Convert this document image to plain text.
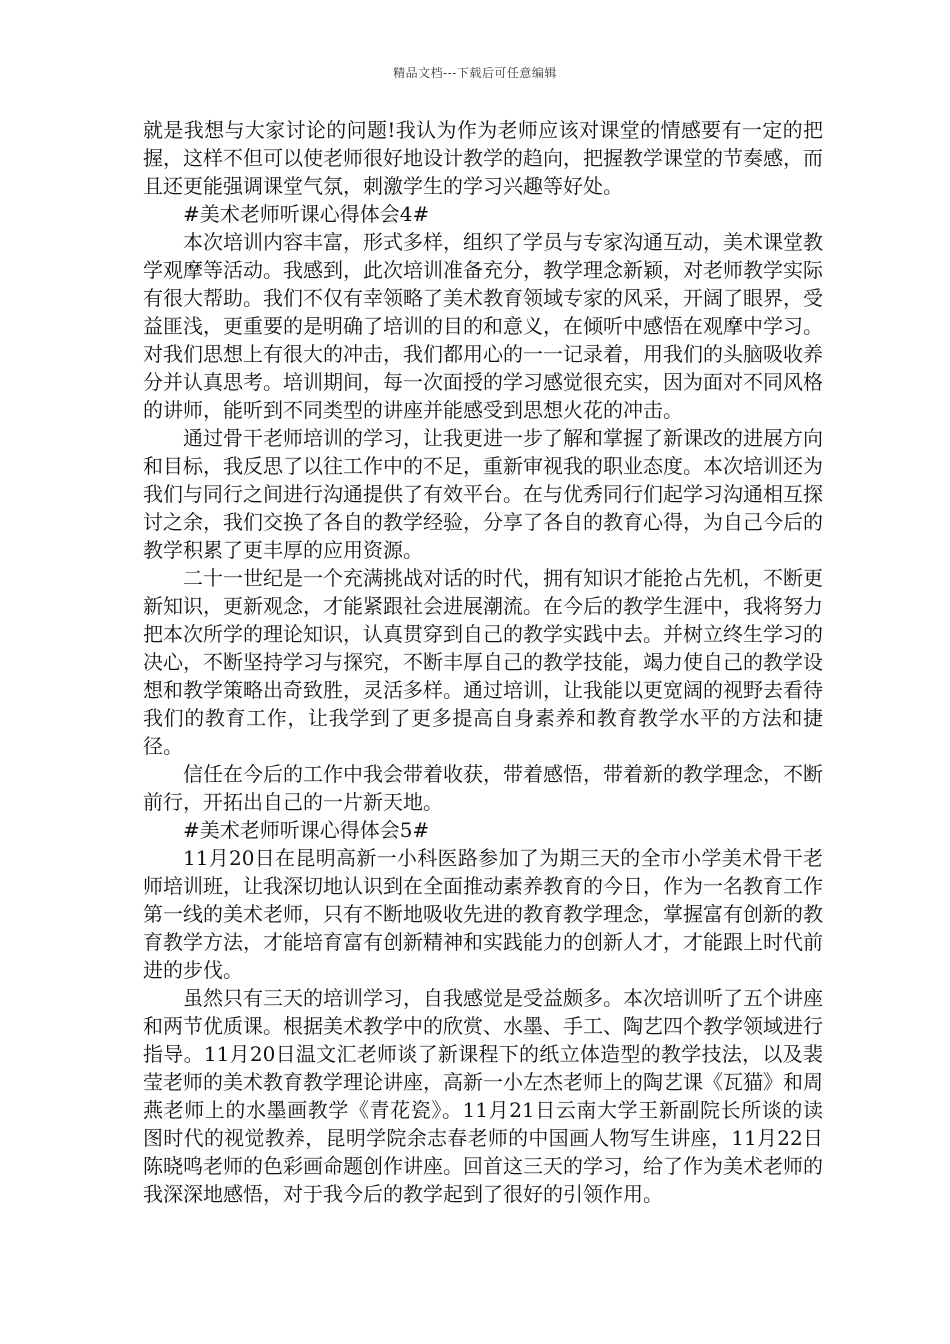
精品文档---下载后可任意编辑

就是我想与大家讨论的问题!我认为作为老师应该对课堂的情感要有一定的把握，这样不但可以使老师很好地设计教学的趋向，把握教学课堂的节奏感，而且还更能强调课堂气氛，刺激学生的学习兴趣等好处。

#美术老师听课心得体会4#

本次培训内容丰富，形式多样，组织了学员与专家沟通互动，美术课堂教学观摩等活动。我感到，此次培训准备充分，教学理念新颖，对老师教学实际有很大帮助。我们不仅有幸领略了美术教育领域专家的风采，开阔了眼界，受益匪浅，更重要的是明确了培训的目的和意义，在倾听中感悟在观摩中学习。对我们思想上有很大的冲击，我们都用心的一一记录着，用我们的头脑吸收养分并认真思考。培训期间，每一次面授的学习感觉很充实，因为面对不同风格的讲师，能听到不同类型的讲座并能感受到思想火花的冲击。

通过骨干老师培训的学习，让我更进一步了解和掌握了新课改的进展方向和目标，我反思了以往工作中的不足，重新审视我的职业态度。本次培训还为我们与同行之间进行沟通提供了有效平台。在与优秀同行们起学习沟通相互探讨之余，我们交换了各自的教学经验，分享了各自的教育心得，为自己今后的教学积累了更丰厚的应用资源。

二十一世纪是一个充满挑战对话的时代，拥有知识才能抢占先机，不断更新知识，更新观念，才能紧跟社会进展潮流。在今后的教学生涯中，我将努力把本次所学的理论知识，认真贯穿到自己的教学实践中去。并树立终生学习的决心，不断坚持学习与探究，不断丰厚自己的教学技能，竭力使自己的教学设想和教学策略出奇致胜，灵活多样。通过培训，让我能以更宽阔的视野去看待我们的教育工作，让我学到了更多提高自身素养和教育教学水平的方法和捷径。

信任在今后的工作中我会带着收获，带着感悟，带着新的教学理念，不断前行，开拓出自己的一片新天地。

#美术老师听课心得体会5#

11月20日在昆明高新一小科医路参加了为期三天的全市小学美术骨干老师培训班，让我深切地认识到在全面推动素养教育的今日，作为一名教育工作第一线的美术老师，只有不断地吸收先进的教育教学理念，掌握富有创新的教育教学方法，才能培育富有创新精神和实践能力的创新人才，才能跟上时代前进的步伐。

虽然只有三天的培训学习，自我感觉是受益颇多。本次培训听了五个讲座和两节优质课。根据美术教学中的欣赏、水墨、手工、陶艺四个教学领域进行指导。11月20日温文汇老师谈了新课程下的纸立体造型的教学技法，以及裴莹老师的美术教育教学理论讲座，高新一小左杰老师上的陶艺课《瓦猫》和周燕老师上的水墨画教学《青花瓷》。11月21日云南大学王新副院长所谈的读图时代的视觉教养，昆明学院余志春老师的中国画人物写生讲座，11月22日陈晓鸣老师的色彩画命题创作讲座。回首这三天的学习，给了作为美术老师的我深深地感悟，对于我今后的教学起到了很好的引领作用。
